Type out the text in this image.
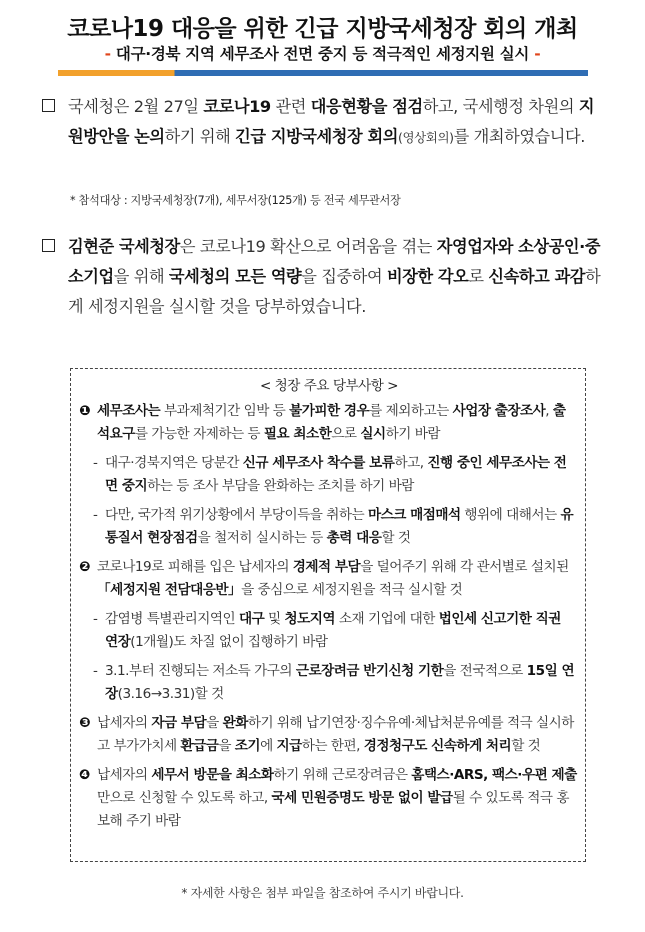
코로나19 대응을 위한 긴급 지방국세청장 회의 개최
- 대구·경북 지역 세무조사 전면 중지 등 적극적인 세정지원 실시 -
국세청은 2월 27일 코로나19 관련 대응현황을 점검하고, 국세행정 차원의 지원방안을 논의하기 위해 긴급 지방국세청장 회의(영상회의)를 개최하였습니다.
* 참석대상 : 지방국세청장(7개), 세무서장(125개) 등 전국 세무관서장
김현준 국세청장은 코로나19 확산으로 어려움을 겪는 자영업자와 소상공인·중소기업을 위해 국세청의 모든 역량을 집중하여 비장한 각오로 신속하고 과감하게 세정지원을 실시할 것을 당부하였습니다.
< 청장 주요 당부사항 >
❶ 세무조사는 부과제척기간 임박 등 불가피한 경우를 제외하고는 사업장 출장조사, 출석요구를 가능한 자제하는 등 필요 최소한으로 실시하기 바람
- 대구·경북지역은 당분간 신규 세무조사 착수를 보류하고, 진행 중인 세무조사는 전면 중지하는 등 조사 부담을 완화하는 조치를 하기 바람
- 다만, 국가적 위기상황에서 부당이득을 취하는 마스크 매점매석 행위에 대해서는 유통질서 현장점검을 철저히 실시하는 등 총력 대응할 것
❷ 코로나19로 피해를 입은 납세자의 경제적 부담을 덜어주기 위해 각 관서별로 설치된 「세정지원 전담대응반」을 중심으로 세정지원을 적극 실시할 것
- 감염병 특별관리지역인 대구 및 청도지역 소재 기업에 대한 법인세 신고기한 직권 연장(1개월)도 차질 없이 집행하기 바람
- 3.1.부터 진행되는 저소득 가구의 근로장려금 반기신청 기한을 전국적으로 15일 연장(3.16→3.31)할 것
❸ 납세자의 자금 부담을 완화하기 위해 납기연장·징수유예·체납처분유예를 적극 실시하고 부가가치세 환급금을 조기에 지급하는 한편, 경정청구도 신속하게 처리할 것
❹ 납세자의 세무서 방문을 최소화하기 위해 근로장려금은 홈택스·ARS, 팩스·우편 제출만으로 신청할 수 있도록 하고, 국세 민원증명도 방문 없이 발급될 수 있도록 적극 홍보해 주기 바람
* 자세한 사항은 첨부 파일을 참조하여 주시기 바랍니다.
